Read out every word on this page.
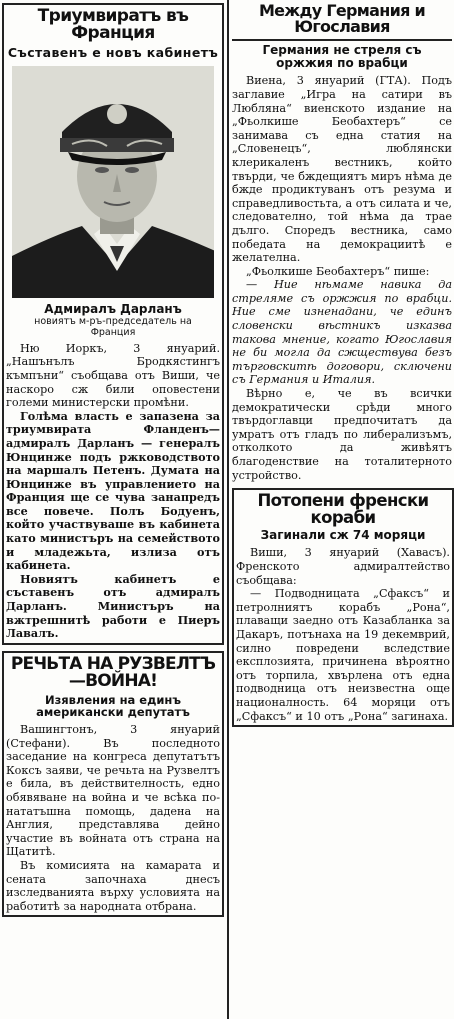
Триумвиратъ въ Франция
Съставенъ е новъ кабинетъ
Адмиралъ Дарланъ
новиятъ м-ръ-председатель на Франция

Ню Иоркъ, 3 януарий. „Нашънълъ Бродкястингъ къмпъни“ съобщава отъ Виши, че наскоро сж били оповестени големи министерски промѣни.

Голѣма власть е запазена за триумвирата Фланденъ—адмиралъ Дарланъ — генералъ Юнцинже подъ ржководството на маршалъ Петенъ. Думата на Юнцинже въ управлението на Франция ще се чува занапредъ все повече. Полъ Бодуенъ, който участвуваше въ кабинета като министъръ на семейството и младежьта, излиза отъ кабинета.

Новиятъ кабинетъ е съставенъ отъ адмиралъ Дарланъ. Министъръ на вжтрешнитѣ работи е Пиеръ Лавалъ.

РЕЧЬТА НА РУЗВЕЛТЪ—ВОЙНА!
Изявления на единъ американски депутатъ

Вашингтонъ, 3 януарий (Стефани). Въ последното заседание на конгреса депутатътъ Коксъ заяви, че речьта на Рузвелтъ е била, въ действителность, едно обявяване на война и че всѣка по-нататъшна помощь, дадена на Англия, представлява дейно участие въ войната отъ страна на Щатитѣ.

Въ комисията на камарата и сената започнаха днесъ изследванията върху условията на работитѣ за народната отбрана.

Между Германия и Югославия
Германия не стреля съ оржжия по врабци

Виена, 3 януарий (ГТА). Подъ заглавие „Игра на сатири въ Любляна“ виенското издание на „Фьолкише Беобахтеръ“ се занимава съ една статия на „Словенецъ“, люблянски клерикаленъ вестникъ, който твърди, че бждещиятъ миръ нѣма де бжде продиктуванъ отъ резума и справедливостьта, а отъ силата и че, следователно, той нѣма да трае дълго. Споредъ вестника, само победата на демокрациитѣ е желателна.

„Фьолкише Беобахтеръ“ пише:

— Ние нѣмаме навика да стреляме съ оржжия по врабци. Ние сме изненадани, че единъ словенски вѣстникъ изказва такова мнение, когато Югославия не би могла да сжществува безъ търговскитѣ договори, сключени съ Германия и Италия.

Вѣрно е, че въ всички демократически срѣди много твърдоглавци предпочитатъ да умратъ отъ гладъ по либерализъмъ, отколкото да живѣятъ благоденствие на тоталитерното устройство.

Потопени френски кораби
Загинали сж 74 моряци

Виши, 3 януарий (Хавасъ). Френското адмиралтейство съобщава:

— Подводницата „Сфаксъ“ и петролниятъ корабъ „Рона“, плаващи заедно отъ Казабланка за Дакаръ, потънаха на 19 декемврий, силно повредени вследствие експлозията, причинена вѣроятно отъ торпила, хвърлена отъ една подводница отъ неизвестна още националность. 64 моряци отъ „Сфаксъ“ и 10 отъ „Рона“ загинаха.
